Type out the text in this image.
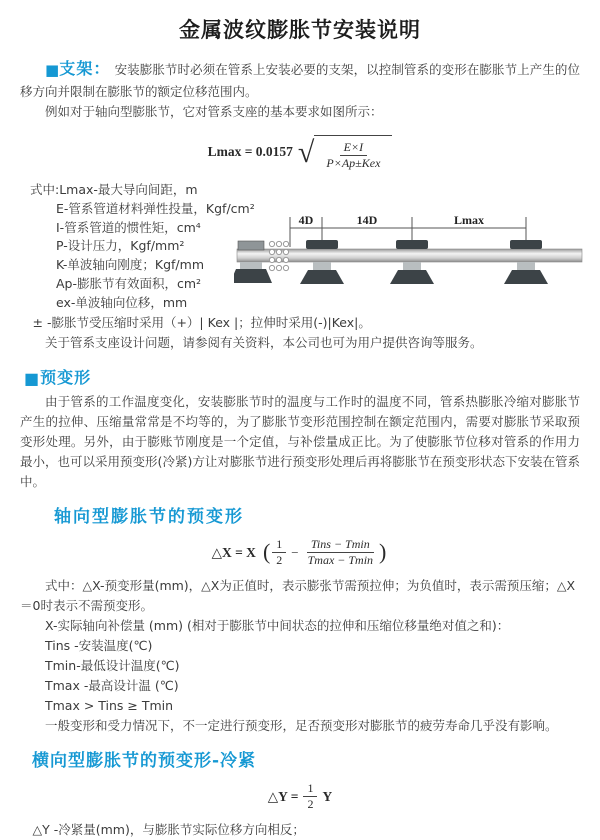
金属波纹膨胀节安装说明

■支架： 安装膨胀节时必须在管系上安装必要的支架，以控制管系的变形在膨胀节上产生的位移方向并限制在膨胀节的额定位移范围内。

例如对于轴向型膨胀节，它对管系支座的基本要求如图所示：

Lmax = 0.0157 √	E×I
P×Ap±Kex
式中:Lmax-最大导向间距，m
E-管系管道材料弹性投量，Kgf/cm²
I-管系管道的惯性矩，cm⁴
P-设计压力，Kgf/mm²
K-单波轴向刚度；Kgf/mm
Ap-膨胀节有效面积，cm²
ex-单波轴向位移，mm
4D	14D	Lmax

± -膨胀节受压缩时采用（+）| Kex |；拉伸时采用(-)|Kex|。

关于管系支座设计问题，请参阅有关资料，本公司也可为用户提供咨询等服务。

■预变形

由于管系的工作温度变化，安装膨胀节时的温度与工作时的温度不同，管系热膨胀冷缩对膨胀节产生的拉伸、压缩量常常是不均等的，为了膨胀节变形范围控制在额定范围内，需要对膨胀节采取预变形处理。另外，由于膨账节刚度是一个定值，与补偿量成正比。为了使膨胀节位移对管系的作用力最小，也可以采用预变形(冷紧)方让对膨胀节进行预变形处理后再将膨胀节在预变形状态下安装在管系中。

轴向型膨胀节的预变形
△X = X ( $\frac{1}{2}$ −
Tins − Tmin
Tmax − Tmin )

式中：△X-预变形量(mm)，△X为正值时，表示膨张节需预拉伸；为负值时，表示需预压缩；△X＝0时表示不需预变形。

X-实际轴向补偿量 (mm) (相对于膨胀节中间状态的拉伸和压缩位移量绝对值之和)：

Tins -安装温度(℃)

Tmin-最低设计温度(℃)

Tmax -最高设计温 (℃)

Tmax > Tins ≥ Tmin

一般变形和受力情况下，不一定进行预变形，足否预变形对膨胀节的疲劳寿命几乎没有影响。

横向型膨胀节的预变形-冷紧
△Y = $\frac{1}{2}$ Y

△Y -冷紧量(mm)，与膨胀节实际位移方向相反；
